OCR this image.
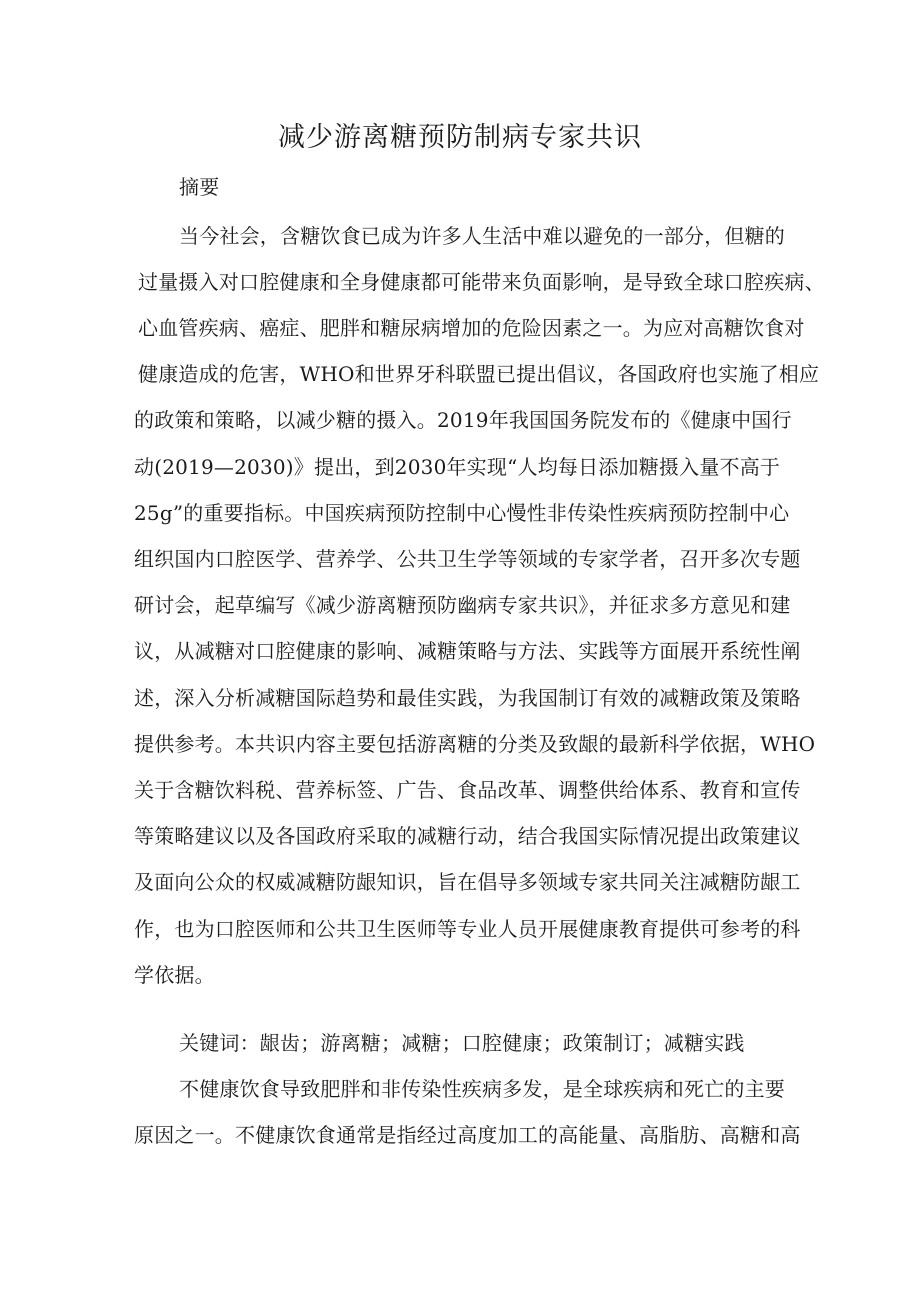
减少游离糖预防制病专家共识
摘要
当今社会，含糖饮食已成为许多人生活中难以避免的一部分，但糖的
过量摄入对口腔健康和全身健康都可能带来负面影响，是导致全球口腔疾病、
心血管疾病、癌症、肥胖和糖尿病增加的危险因素之一。为应对高糖饮食对
健康造成的危害，WHO和世界牙科联盟已提出倡议，各国政府也实施了相应
的政策和策略，以减少糖的摄入。2019年我国国务院发布的《健康中国行
动(2019—2030)》提出，到2030年实现“人均每日添加糖摄入量不高于
25g”的重要指标。中国疾病预防控制中心慢性非传染性疾病预防控制中心
组织国内口腔医学、营养学、公共卫生学等领域的专家学者，召开多次专题
研讨会，起草编写《减少游离糖预防幽病专家共识》，并征求多方意见和建
议，从减糖对口腔健康的影响、减糖策略与方法、实践等方面展开系统性阐
述，深入分析减糖国际趋势和最佳实践，为我国制订有效的减糖政策及策略
提供参考。本共识内容主要包括游离糖的分类及致龈的最新科学依据，WHO
关于含糖饮料税、营养标签、广告、食品改革、调整供给体系、教育和宣传
等策略建议以及各国政府采取的减糖行动，结合我国实际情况提出政策建议
及面向公众的权威减糖防龈知识，旨在倡导多领域专家共同关注减糖防龈工
作，也为口腔医师和公共卫生医师等专业人员开展健康教育提供可参考的科
学依据。
关键词：龈齿；游离糖；减糖；口腔健康；政策制订；减糖实践
不健康饮食导致肥胖和非传染性疾病多发，是全球疾病和死亡的主要
原因之一。不健康饮食通常是指经过高度加工的高能量、高脂肪、高糖和高
